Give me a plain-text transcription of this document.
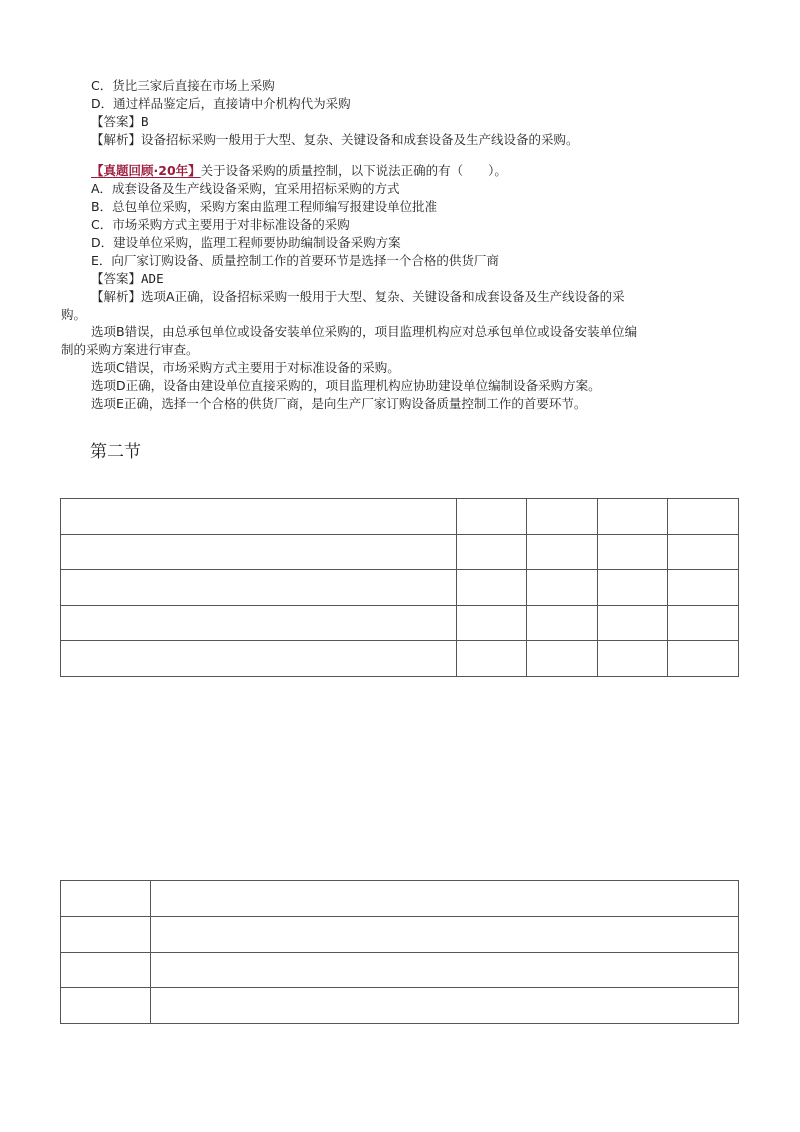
C．货比三家后直接在市场上采购
D．通过样品鉴定后，直接请中介机构代为采购
【答案】B
【解析】设备招标采购一般用于大型、复杂、关键设备和成套设备及生产线设备的采购。
【真题回顾·20年】关于设备采购的质量控制，以下说法正确的有（　　）。
A．成套设备及生产线设备采购，宜采用招标采购的方式
B．总包单位采购，采购方案由监理工程师编写报建设单位批准
C．市场采购方式主要用于对非标准设备的采购
D．建设单位采购，监理工程师要协助编制设备采购方案
E．向厂家订购设备、质量控制工作的首要环节是选择一个合格的供货厂商
【答案】ADE
【解析】选项A正确，设备招标采购一般用于大型、复杂、关键设备和成套设备及生产线设备的采
购。
选项B错误，由总承包单位或设备安装单位采购的，项目监理机构应对总承包单位或设备安装单位编
制的采购方案进行审查。
选项C错误，市场采购方式主要用于对标准设备的采购。
选项D正确，设备由建设单位直接采购的，项目监理机构应协助建设单位编制设备采购方案。
选项E正确，选择一个合格的供货厂商，是向生产厂家订购设备质量控制工作的首要环节。
第二节
